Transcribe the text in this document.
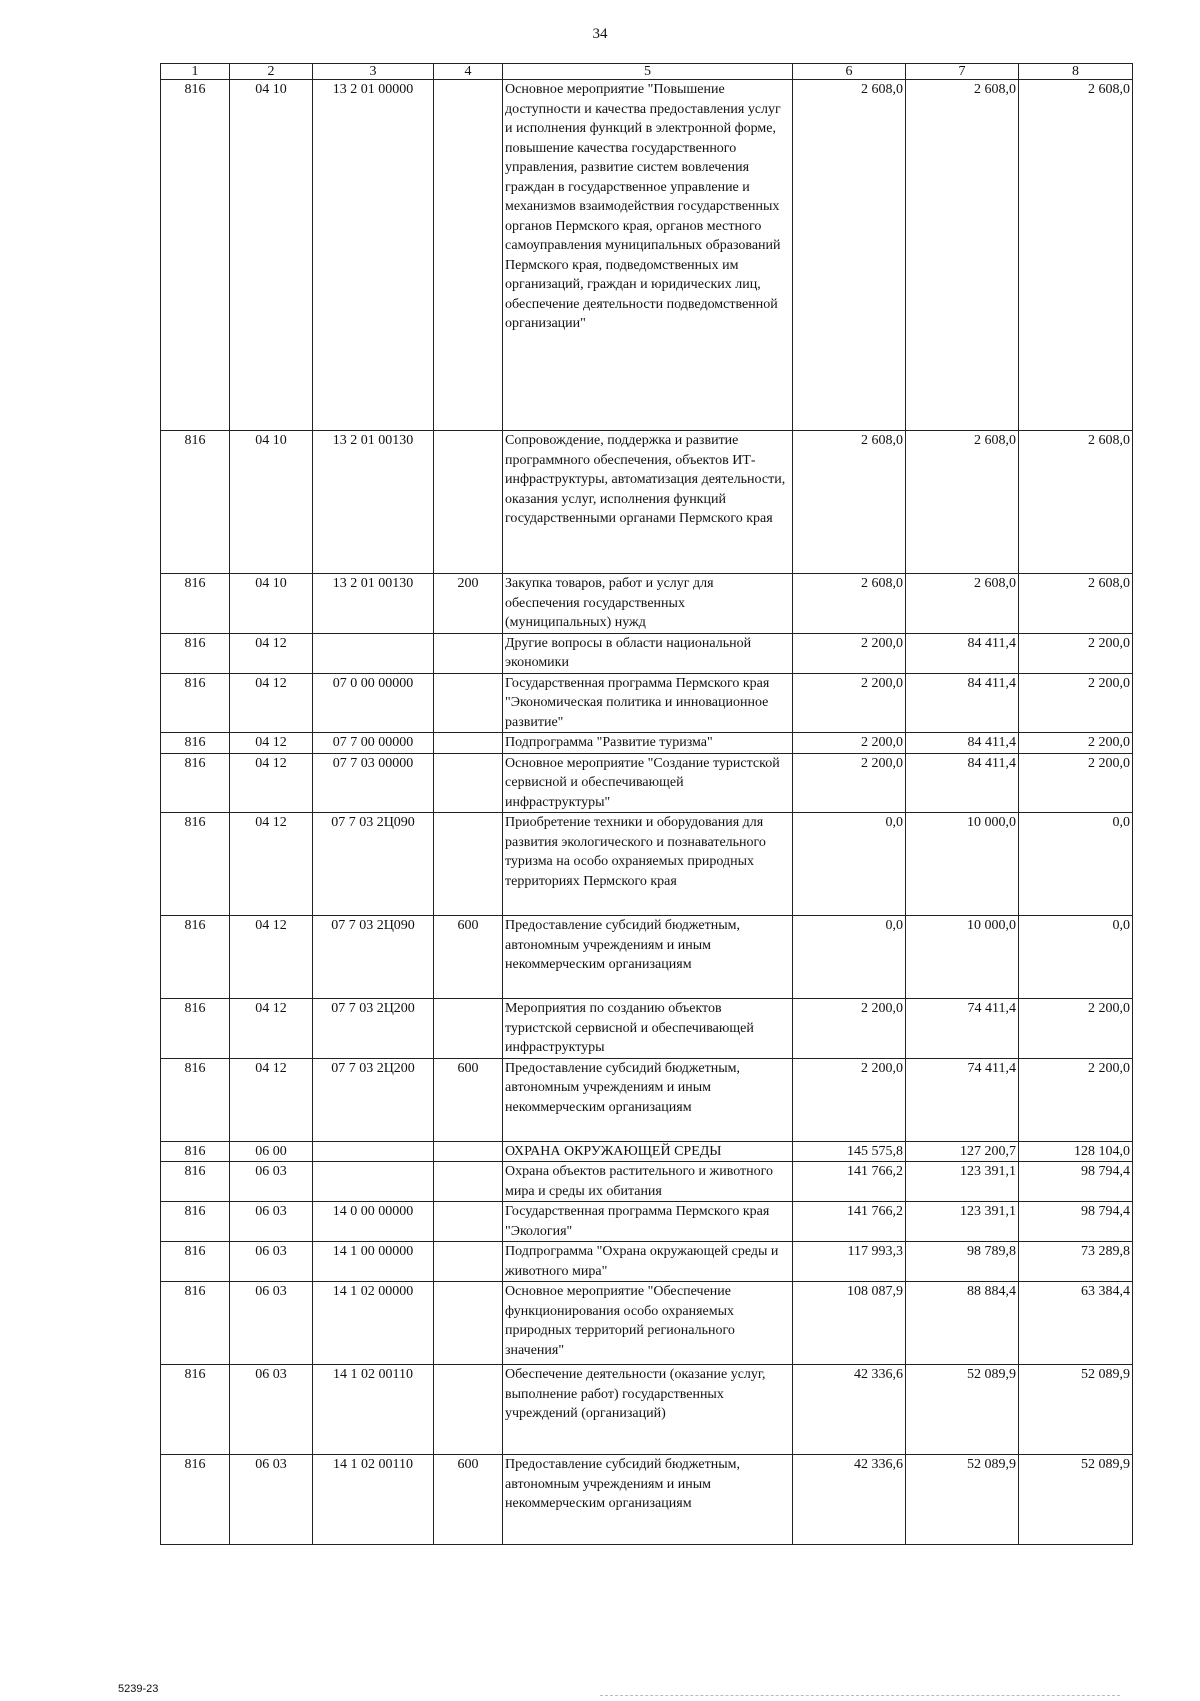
34
1	2	3	4	5	6	7	8
816	04 10	13 2 01 00000		Основное мероприятие "Повышение доступности и качества предоставления услуг и исполнения функций в электронной форме, повышение качества государственного управления, развитие систем вовлечения граждан в государственное управление и механизмов взаимодействия государственных органов Пермского края, органов местного самоуправления муниципальных образований Пермского края, подведомственных им организаций, граждан и юридических лиц, обеспечение деятельности подведомственной организации"	2 608,0	2 608,0	2 608,0
816	04 10	13 2 01 00130		Сопровождение, поддержка и развитие программного обеспечения, объектов ИТ-инфраструктуры, автоматизация деятельности, оказания услуг, исполнения функций государственными органами Пермского края	2 608,0	2 608,0	2 608,0
816	04 10	13 2 01 00130	200	Закупка товаров, работ и услуг для обеспечения государственных (муниципальных) нужд	2 608,0	2 608,0	2 608,0
816	04 12			Другие вопросы в области национальной экономики	2 200,0	84 411,4	2 200,0
816	04 12	07 0 00 00000		Государственная программа Пермского края "Экономическая политика и инновационное развитие"	2 200,0	84 411,4	2 200,0
816	04 12	07 7 00 00000		Подпрограмма "Развитие туризма"	2 200,0	84 411,4	2 200,0
816	04 12	07 7 03 00000		Основное мероприятие "Создание туристской сервисной и обеспечивающей инфраструктуры"	2 200,0	84 411,4	2 200,0
816	04 12	07 7 03 2Ц090		Приобретение техники и оборудования для развития экологического и познавательного туризма на особо охраняемых природных территориях Пермского края	0,0	10 000,0	0,0
816	04 12	07 7 03 2Ц090	600	Предоставление субсидий бюджетным, автономным учреждениям и иным некоммерческим организациям	0,0	10 000,0	0,0
816	04 12	07 7 03 2Ц200		Мероприятия по созданию объектов туристской сервисной и обеспечивающей инфраструктуры	2 200,0	74 411,4	2 200,0
816	04 12	07 7 03 2Ц200	600	Предоставление субсидий бюджетным, автономным учреждениям и иным некоммерческим организациям	2 200,0	74 411,4	2 200,0
816	06 00			ОХРАНА ОКРУЖАЮЩЕЙ СРЕДЫ	145 575,8	127 200,7	128 104,0
816	06 03			Охрана объектов растительного и животного мира и среды их обитания	141 766,2	123 391,1	98 794,4
816	06 03	14 0 00 00000		Государственная программа Пермского края "Экология"	141 766,2	123 391,1	98 794,4
816	06 03	14 1 00 00000		Подпрограмма "Охрана окружающей среды и животного мира"	117 993,3	98 789,8	73 289,8
816	06 03	14 1 02 00000		Основное мероприятие "Обеспечение функционирования особо охраняемых природных территорий регионального значения"	108 087,9	88 884,4	63 384,4
816	06 03	14 1 02 00110		Обеспечение деятельности (оказание услуг, выполнение работ) государственных учреждений (организаций)	42 336,6	52 089,9	52 089,9
816	06 03	14 1 02 00110	600	Предоставление субсидий бюджетным, автономным учреждениям и иным некоммерческим организациям	42 336,6	52 089,9	52 089,9
5239-23
